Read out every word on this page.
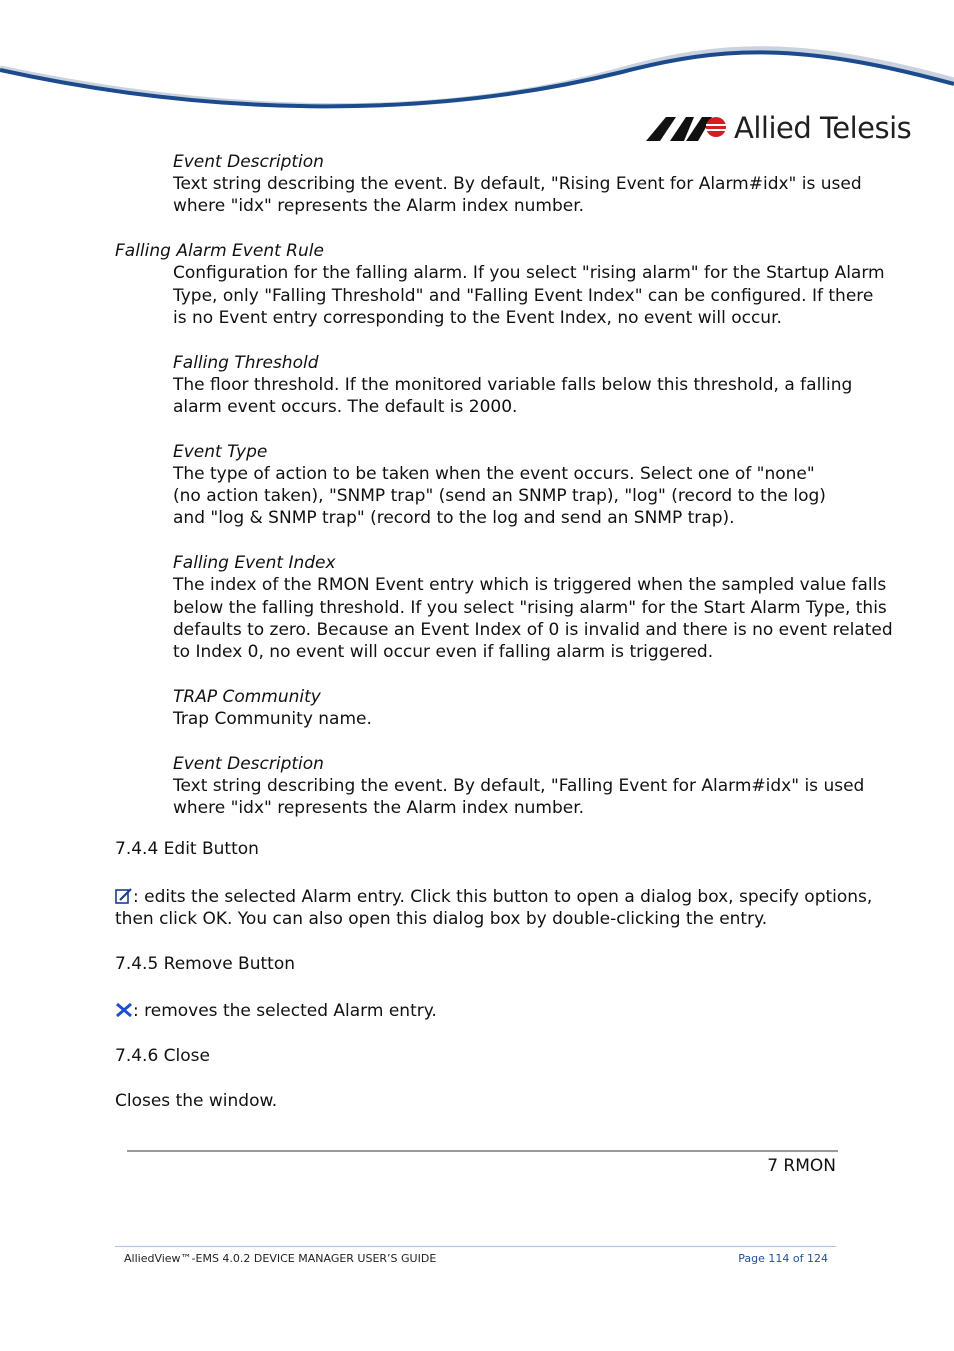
Allied Telesis
Event Description
Text string describing the event. By default, "Rising Event for Alarm#idx" is used
where "idx" represents the Alarm index number.
Falling Alarm Event Rule
Configuration for the falling alarm. If you select "rising alarm" for the Startup Alarm
Type, only "Falling Threshold" and "Falling Event Index" can be configured. If there
is no Event entry corresponding to the Event Index, no event will occur.
Falling Threshold
The floor threshold. If the monitored variable falls below this threshold, a falling
alarm event occurs. The default is 2000.
Event Type
The type of action to be taken when the event occurs. Select one of "none"
(no action taken), "SNMP trap" (send an SNMP trap), "log" (record to the log)
and "log & SNMP trap" (record to the log and send an SNMP trap).
Falling Event Index
The index of the RMON Event entry which is triggered when the sampled value falls
below the falling threshold. If you select "rising alarm" for the Start Alarm Type, this
defaults to zero. Because an Event Index of 0 is invalid and there is no event related
to Index 0, no event will occur even if falling alarm is triggered.
TRAP Community
Trap Community name.
Event Description
Text string describing the event. By default, "Falling Event for Alarm#idx" is used
where "idx" represents the Alarm index number.
7.4.4 Edit Button
: edits the selected Alarm entry. Click this button to open a dialog box, specify options,
then click OK. You can also open this dialog box by double-clicking the entry.
7.4.5 Remove Button
: removes the selected Alarm entry.
7.4.6 Close
Closes the window.
7 RMON
AlliedView™-EMS 4.0.2 DEVICE MANAGER USER’S GUIDE	Page 114 of 124
